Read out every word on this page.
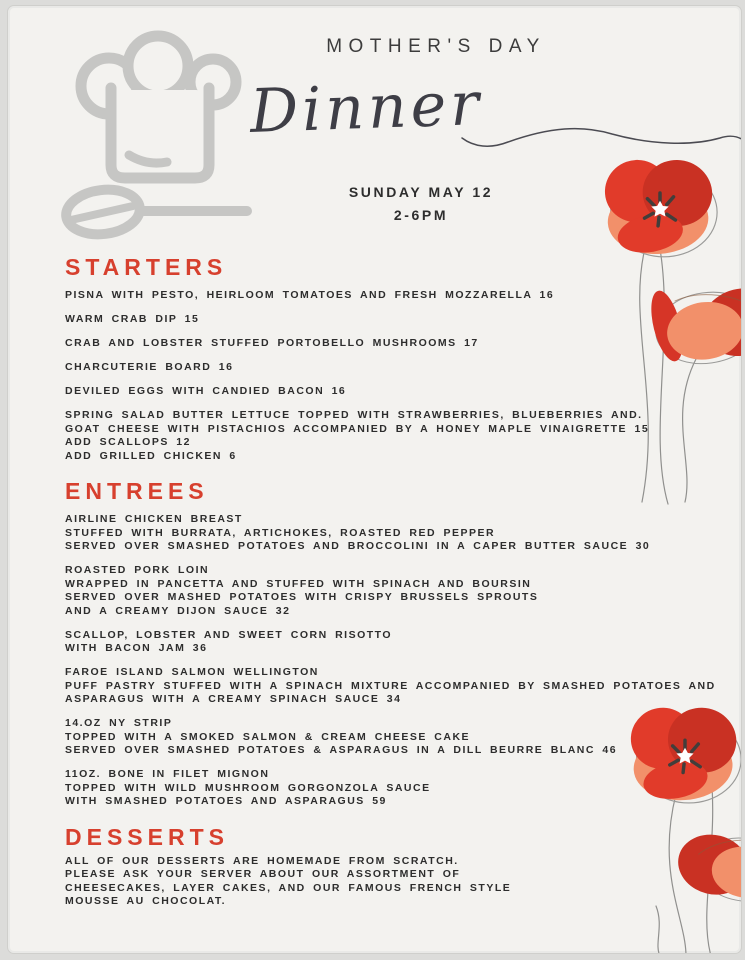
MOTHER'S DAY
Dinner
SUNDAY MAY 12
2-6PM
STARTERS
PISNA WITH PESTO, HEIRLOOM TOMATOES AND FRESH MOZZARELLA 16
WARM CRAB DIP 15
CRAB AND LOBSTER STUFFED PORTOBELLO MUSHROOMS 17
CHARCUTERIE BOARD 16
DEVILED EGGS WITH CANDIED BACON 16
SPRING SALAD BUTTER LETTUCE TOPPED WITH STRAWBERRIES, BLUEBERRIES AND.
GOAT CHEESE WITH PISTACHIOS ACCOMPANIED BY A HONEY MAPLE VINAIGRETTE 15
ADD SCALLOPS 12
ADD GRILLED CHICKEN 6
ENTREES
AIRLINE CHICKEN BREAST
STUFFED WITH BURRATA, ARTICHOKES, ROASTED RED PEPPER
SERVED OVER SMASHED POTATOES AND BROCCOLINI IN A CAPER BUTTER SAUCE 30
ROASTED PORK LOIN
WRAPPED IN PANCETTA AND STUFFED WITH SPINACH AND BOURSIN
SERVED OVER MASHED POTATOES WITH CRISPY BRUSSELS SPROUTS
AND A CREAMY DIJON SAUCE 32
SCALLOP, LOBSTER AND SWEET CORN RISOTTO
WITH BACON JAM 36
FAROE ISLAND SALMON WELLINGTON
PUFF PASTRY STUFFED WITH A SPINACH MIXTURE ACCOMPANIED BY SMASHED POTATOES AND
ASPARAGUS WITH A CREAMY SPINACH SAUCE 34
14.OZ NY STRIP
TOPPED WITH A SMOKED SALMON & CREAM CHEESE CAKE
SERVED OVER SMASHED POTATOES & ASPARAGUS IN A DILL BEURRE BLANC 46
11OZ. BONE IN FILET MIGNON
TOPPED WITH WILD MUSHROOM GORGONZOLA SAUCE
WITH SMASHED POTATOES AND ASPARAGUS 59
DESSERTS
ALL OF OUR DESSERTS ARE HOMEMADE FROM SCRATCH.
PLEASE ASK YOUR SERVER ABOUT OUR ASSORTMENT OF
CHEESECAKES, LAYER CAKES, AND OUR FAMOUS FRENCH STYLE
MOUSSE AU CHOCOLAT.
